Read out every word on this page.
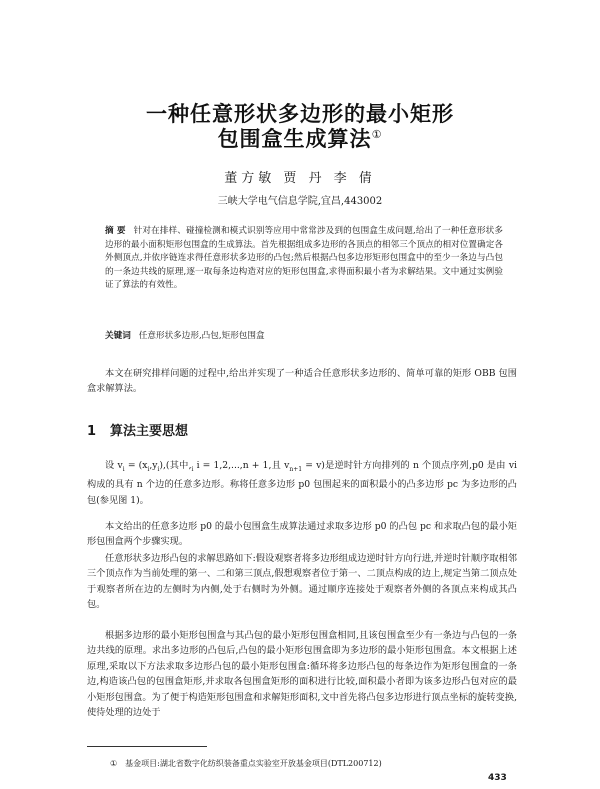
一种任意形状多边形的最小矩形
包围盒生成算法①
董方敏 贾 丹 李 倩
三峡大学电气信息学院,宜昌,443002

摘 要 针对在排样、碰撞检测和模式识别等应用中常常涉及到的包围盒生成问题,给出了一种任意形状多边形的最小面积矩形包围盒的生成算法。首先根据组成多边形的各顶点的相邻三个顶点的相对位置确定各外侧顶点,并依序链连求得任意形状多边形的凸包;然后根据凸包多边形矩形包围盒中的至少一条边与凸包的一条边共线的原理,逐一取每条边构造对应的矩形包围盒,求得面积最小者为求解结果。文中通过实例验证了算法的有效性。

关键词 任意形状多边形,凸包,矩形包围盒

本文在研究排样问题的过程中,给出并实现了一种适合任意形状多边形的、简单可靠的矩形 OBB 包围盒求解算法。

1 算法主要思想

设 $v_i = (x_i,y_i)$,(其中$,_i$ i = 1,2,...,n + 1,且 $v_{n+1} = v$)是逆时针方向排列的 n 个顶点序列,p0 是由 vi 构成的具有 n 个边的任意多边形。称将任意多边形 p0 包围起来的面积最小的凸多边形 pc 为多边形的凸包(参见图 1)。

本文给出的任意多边形 p0 的最小包围盒生成算法通过求取多边形 p0 的凸包 pc 和求取凸包的最小矩形包围盒两个步骤实现。

任意形状多边形凸包的求解思路如下:假设观察者将多边形组成边逆时针方向行进,并逆时针顺序取相邻三个顶点作为当前处理的第一、二和第三顶点,假想观察者位于第一、二顶点构成的边上,规定当第二顶点处于观察者所在边的左侧时为内侧,处于右侧时为外侧。通过顺序连接处于观察者外侧的各顶点来构成其凸包。

根据多边形的最小矩形包围盒与其凸包的最小矩形包围盒相同,且该包围盒至少有一条边与凸包的一条边共线的原理。求出多边形的凸包后,凸包的最小矩形包围盒即为多边形的最小矩形包围盒。本文根据上述原理,采取以下方法求取多边形凸包的最小矩形包围盒:循环将多边形凸包的每条边作为矩形包围盒的一条边,构造该凸包的包围盒矩形,并求取各包围盒矩形的面积进行比较,面积最小者即为该多边形凸包对应的最小矩形包围盒。为了便于构造矩形包围盒和求解矩形面积,文中首先将凸包多边形进行顶点坐标的旋转变换,使待处理的边处于

① 基金项目:湖北省数字化纺织装备重点实验室开放基金项目(DTL200712)
433
